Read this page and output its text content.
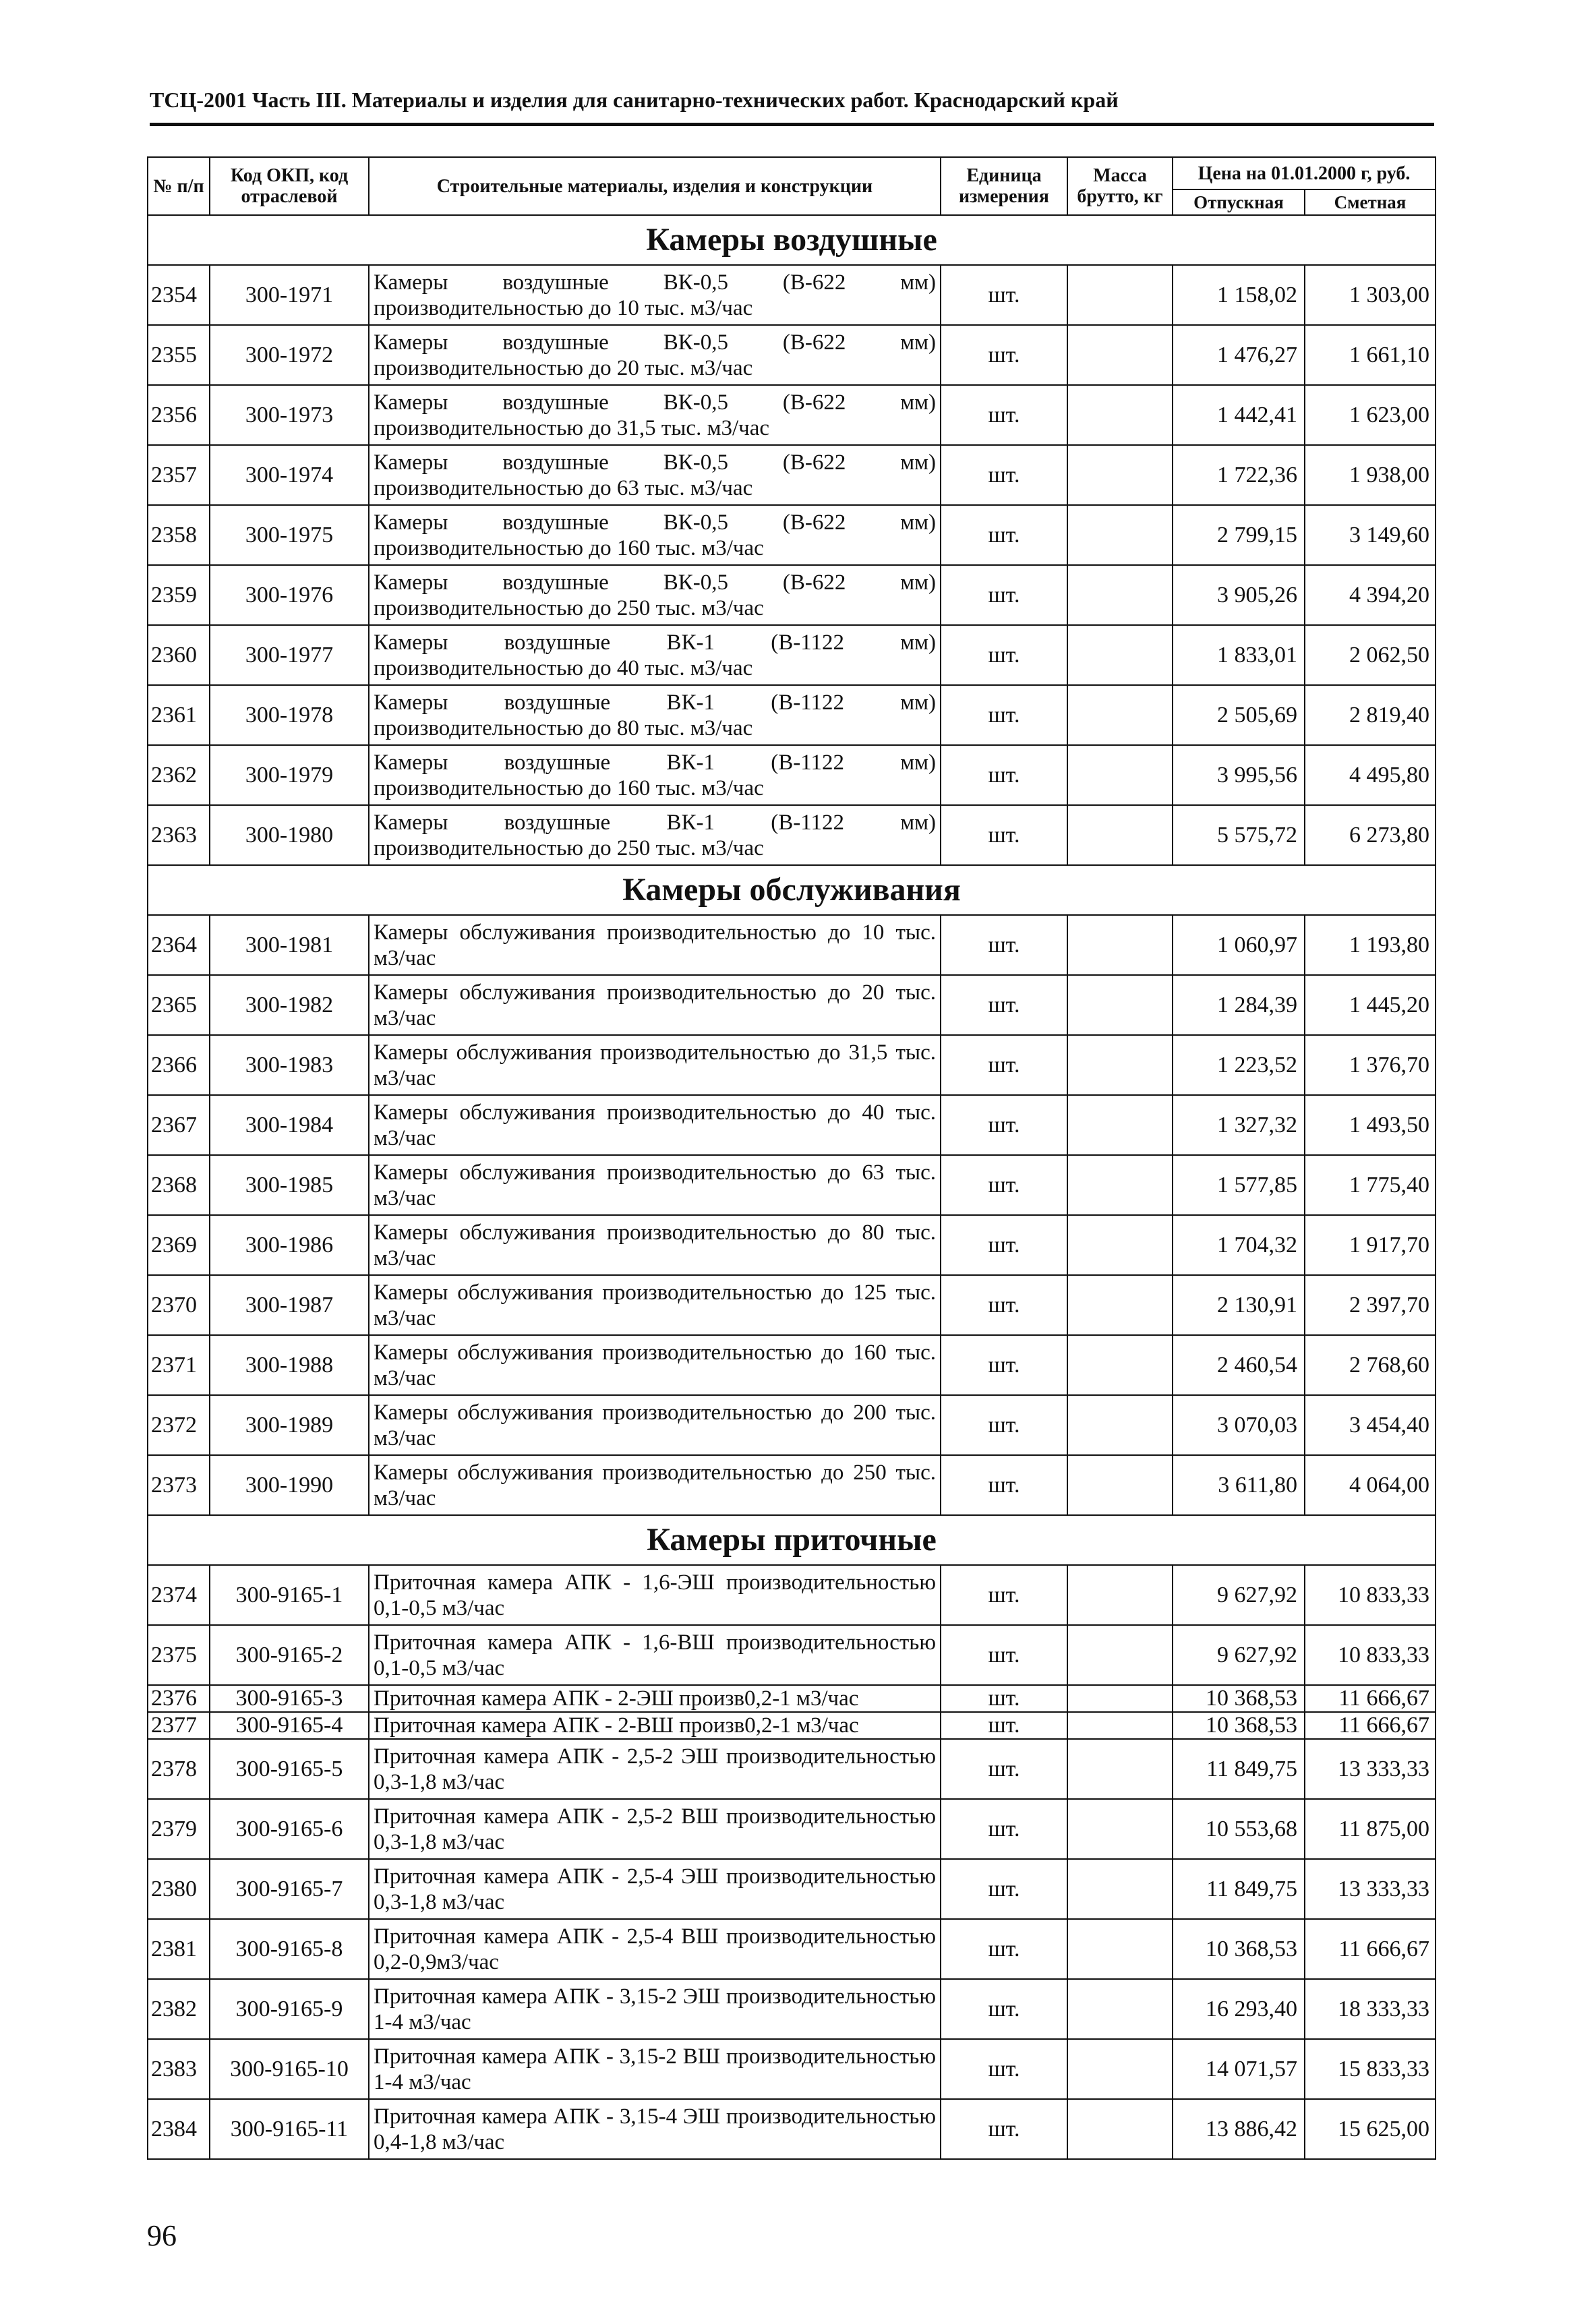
ТСЦ-2001 Часть III. Материалы и изделия для санитарно-технических работ. Краснодарский край
№ п/п	Код ОКП, код отраслевой	Строительные материалы, изделия и конструкции	Единица измерения	Масса брутто, кг	Цена на 01.01.2000 г, руб.	
					Отпускная	Сметная
Камеры воздушные						
2354	300-1971	Камеры воздушные ВК-0,5 (В-622 мм) производительностью до 10 тыс. м3/час	шт.		1 158,02	1 303,00
2355	300-1972	Камеры воздушные ВК-0,5 (В-622 мм) производительностью до 20 тыс. м3/час	шт.		1 476,27	1 661,10
2356	300-1973	Камеры воздушные ВК-0,5 (В-622 мм) производительностью до 31,5 тыс. м3/час	шт.		1 442,41	1 623,00
2357	300-1974	Камеры воздушные ВК-0,5 (В-622 мм) производительностью до 63 тыс. м3/час	шт.		1 722,36	1 938,00
2358	300-1975	Камеры воздушные ВК-0,5 (В-622 мм) производительностью до 160 тыс. м3/час	шт.		2 799,15	3 149,60
2359	300-1976	Камеры воздушные ВК-0,5 (В-622 мм) производительностью до 250 тыс. м3/час	шт.		3 905,26	4 394,20
2360	300-1977	Камеры воздушные ВК-1 (В-1122 мм) производительностью до 40 тыс. м3/час	шт.		1 833,01	2 062,50
2361	300-1978	Камеры воздушные ВК-1 (В-1122 мм) производительностью до 80 тыс. м3/час	шт.		2 505,69	2 819,40
2362	300-1979	Камеры воздушные ВК-1 (В-1122 мм) производительностью до 160 тыс. м3/час	шт.		3 995,56	4 495,80
2363	300-1980	Камеры воздушные ВК-1 (В-1122 мм) производительностью до 250 тыс. м3/час	шт.		5 575,72	6 273,80
Камеры обслуживания						
2364	300-1981	Камеры обслуживания производительностью до 10 тыс. м3/час	шт.		1 060,97	1 193,80
2365	300-1982	Камеры обслуживания производительностью до 20 тыс. м3/час	шт.		1 284,39	1 445,20
2366	300-1983	Камеры обслуживания производительностью до 31,5 тыс. м3/час	шт.		1 223,52	1 376,70
2367	300-1984	Камеры обслуживания производительностью до 40 тыс. м3/час	шт.		1 327,32	1 493,50
2368	300-1985	Камеры обслуживания производительностью до 63 тыс. м3/час	шт.		1 577,85	1 775,40
2369	300-1986	Камеры обслуживания производительностью до 80 тыс. м3/час	шт.		1 704,32	1 917,70
2370	300-1987	Камеры обслуживания производительностью до 125 тыс. м3/час	шт.		2 130,91	2 397,70
2371	300-1988	Камеры обслуживания производительностью до 160 тыс. м3/час	шт.		2 460,54	2 768,60
2372	300-1989	Камеры обслуживания производительностью до 200 тыс. м3/час	шт.		3 070,03	3 454,40
2373	300-1990	Камеры обслуживания производительностью до 250 тыс. м3/час	шт.		3 611,80	4 064,00
Камеры приточные						
2374	300-9165-1	Приточная камера АПК - 1,6-ЭШ производительностью 0,1-0,5 м3/час	шт.		9 627,92	10 833,33
2375	300-9165-2	Приточная камера АПК - 1,6-ВШ производительностью 0,1-0,5 м3/час	шт.		9 627,92	10 833,33
2376	300-9165-3	Приточная камера АПК - 2-ЭШ произв0,2-1 м3/час	шт.		10 368,53	11 666,67
2377	300-9165-4	Приточная камера АПК - 2-ВШ произв0,2-1 м3/час	шт.		10 368,53	11 666,67
2378	300-9165-5	Приточная камера АПК - 2,5-2 ЭШ производительностью 0,3-1,8 м3/час	шт.		11 849,75	13 333,33
2379	300-9165-6	Приточная камера АПК - 2,5-2 ВШ производительностью 0,3-1,8 м3/час	шт.		10 553,68	11 875,00
2380	300-9165-7	Приточная камера АПК - 2,5-4 ЭШ производительностью 0,3-1,8 м3/час	шт.		11 849,75	13 333,33
2381	300-9165-8	Приточная камера АПК - 2,5-4 ВШ производительностью 0,2-0,9м3/час	шт.		10 368,53	11 666,67
2382	300-9165-9	Приточная камера АПК - 3,15-2 ЭШ производительностью 1-4 м3/час	шт.		16 293,40	18 333,33
2383	300-9165-10	Приточная камера АПК - 3,15-2 ВШ производительностью 1-4 м3/час	шт.		14 071,57	15 833,33
2384	300-9165-11	Приточная камера АПК - 3,15-4 ЭШ производительностью 0,4-1,8 м3/час	шт.		13 886,42	15 625,00
96
